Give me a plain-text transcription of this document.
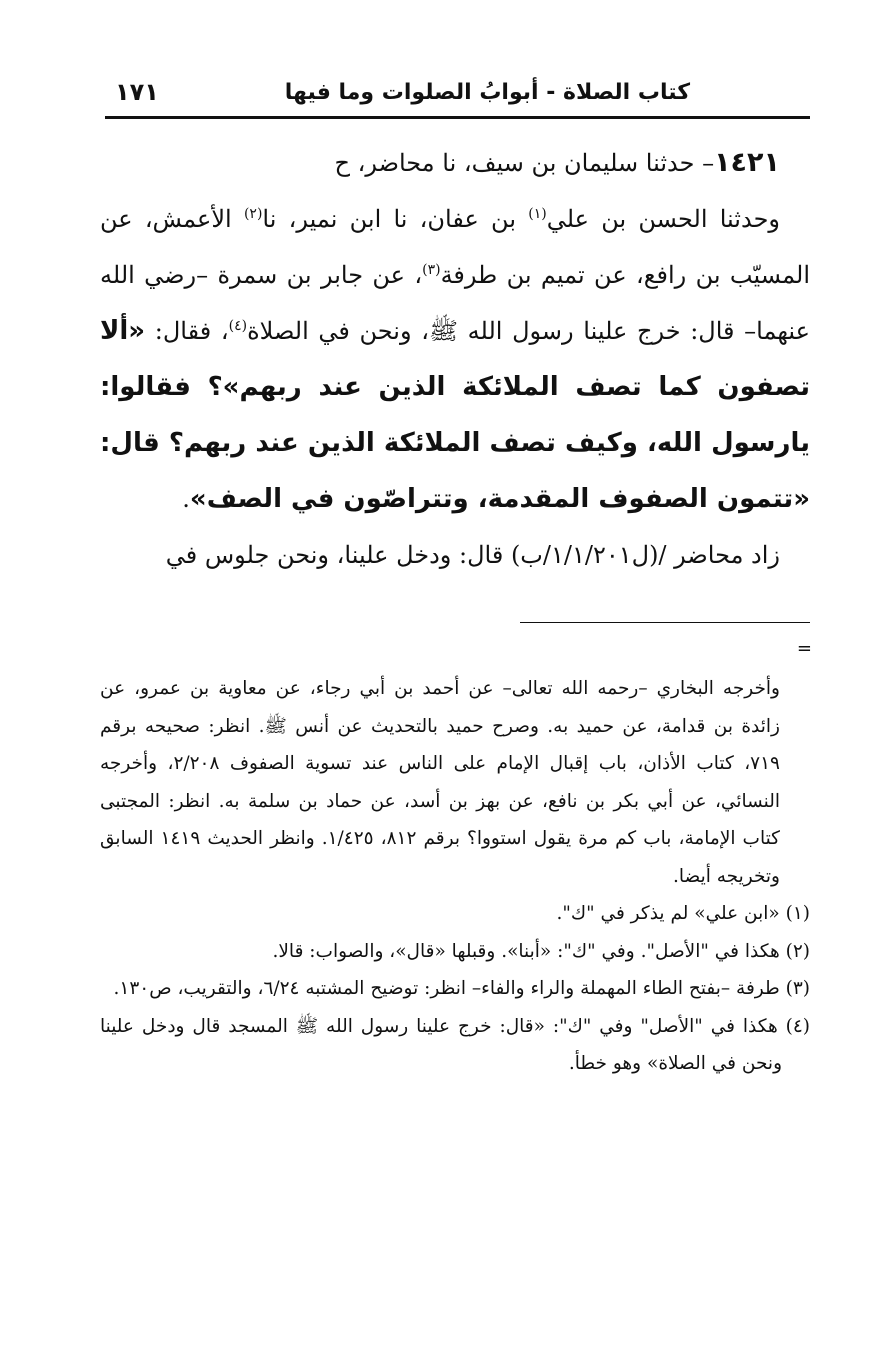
كتاب الصلاة - أبوابُ الصلوات وما فيها
١٧١

١٤٢١– حدثنا سليمان بن سيف، نا محاضر، ح

وحدثنا الحسن بن علي$^{(١)}$ بن عفان، نا ابن نمير، نا$^{(٢)}$ الأعمش، عن المسيّب بن رافع، عن تميم بن طرفة$^{(٣)}$، عن جابر بن سمرة –رضي الله عنهما– قال: خرج علينا رسول الله ﷺ، ونحن في الصلاة$^{(٤)}$، فقال: «ألا تصفون كما تصف الملائكة الذين عند ربهم»؟ فقالوا: يارسول الله، وكيف تصف الملائكة الذين عند ربهم؟ قال: «تتمون الصفوف المقدمة، وتتراصّون في الصف».

زاد محاضر /(ل١/١/٢٠١/ب) قال: ودخل علينا، ونحن جلوس في

=

وأخرجه البخاري –رحمه الله تعالى– عن أحمد بن أبي رجاء، عن معاوية بن عمرو، عن زائدة بن قدامة، عن حميد به. وصرح حميد بالتحديث عن أنس ﷺ. انظر: صحيحه برقم ٧١٩، كتاب الأذان، باب إقبال الإمام على الناس عند تسوية الصفوف ٢/٢٠٨، وأخرجه النسائي، عن أبي بكر بن نافع، عن بهز بن أسد، عن حماد بن سلمة به. انظر: المجتبى كتاب الإمامة، باب كم مرة يقول استووا؟ برقم ٨١٢، ١/٤٢٥. وانظر الحديث ١٤١٩ السابق وتخريجه أيضا.

(١) «ابن علي» لم يذكر في "ك".

(٢) هكذا في "الأصل". وفي "ك": «أبنا». وقبلها «قال»، والصواب: قالا.

(٣) طرفة –بفتح الطاء المهملة والراء والفاء– انظر: توضيح المشتبه ٦/٢٤، والتقريب، ص١٣٠.

(٤) هكذا في "الأصل" وفي "ك": «قال: خرج علينا رسول الله ﷺ المسجد قال ودخل علينا ونحن في الصلاة» وهو خطأ.
